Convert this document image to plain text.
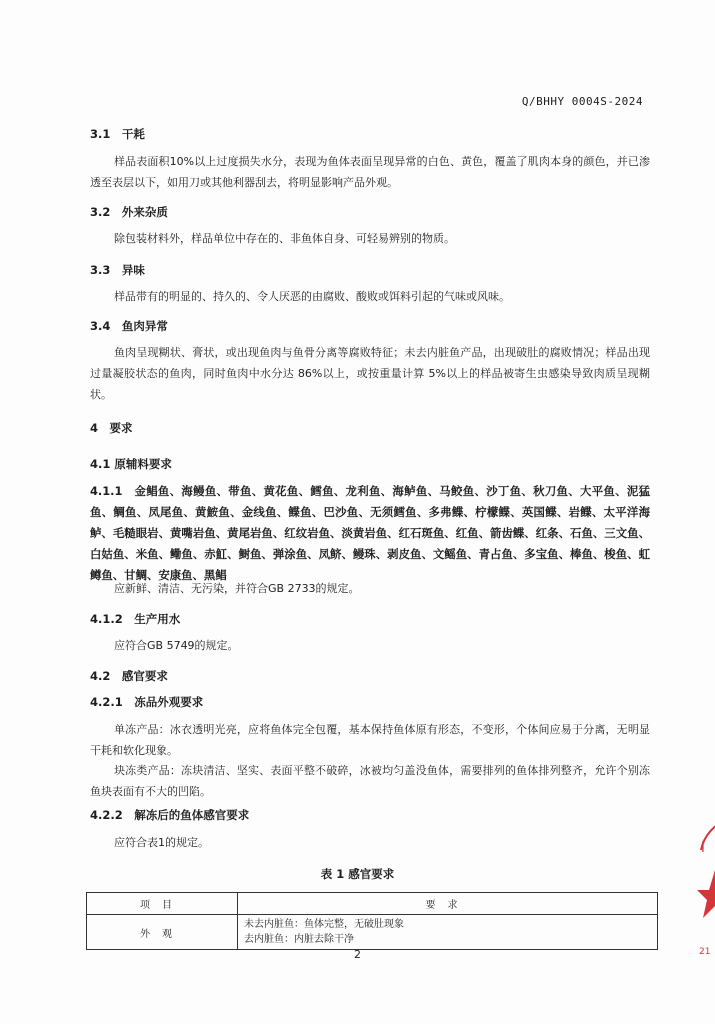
Q/BHHY 0004S-2024
3.1　干耗
样品表面积10%以上过度损失水分，表现为鱼体表面呈现异常的白色、黄色，覆盖了肌肉本身的颜色，并已渗透至表层以下，如用刀或其他利器刮去，将明显影响产品外观。
3.2　外来杂质
除包装材料外，样品单位中存在的、非鱼体自身、可轻易辨别的物质。
3.3　异味
样品带有的明显的、持久的、令人厌恶的由腐败、酸败或饵料引起的气味或风味。
3.4　鱼肉异常
鱼肉呈现糊状、膏状，或出现鱼肉与鱼骨分离等腐败特征；未去内脏鱼产品，出现破肚的腐败情况；样品出现过量凝胶状态的鱼肉，同时鱼肉中水分达 86%以上，或按重量计算 5%以上的样品被寄生虫感染导致肉质呈现糊状。
4　要求
4.1 原辅料要求
4.1.1　金鲳鱼、海鳗鱼、带鱼、黄花鱼、鳕鱼、龙利鱼、海鲈鱼、马鲛鱼、沙丁鱼、秋刀鱼、大平鱼、泥猛鱼、鲷鱼、凤尾鱼、黄鮟鱼、金线鱼、鲽鱼、巴沙鱼、无须鳕鱼、多弗鲽、柠檬鲽、英国鲽、岩鲽、太平洋海鲈、毛糙眼岩、黄嘴岩鱼、黄尾岩鱼、红纹岩鱼、淡黄岩鱼、红石斑鱼、红鱼、箭齿鲽、红条、石鱼、三文鱼、白姑鱼、米鱼、鳓鱼、赤魟、鲥鱼、弹涂鱼、凤鲚、鳗珠、剥皮鱼、文鳐鱼、青占鱼、多宝鱼、棒鱼、梭鱼、虹鳟鱼、甘鲷、安康鱼、黑鲳
应新鲜、清洁、无污染，并符合GB 2733的规定。
4.1.2　生产用水
应符合GB 5749的规定。
4.2　感官要求
4.2.1　冻品外观要求
单冻产品：冰衣透明光亮，应将鱼体完全包覆，基本保持鱼体原有形态，不变形，个体间应易于分离，无明显干耗和软化现象。
块冻类产品：冻块清洁、坚实、表面平整不破碎，冰被均匀盖没鱼体，需要排列的鱼体排列整齐，允许个别冻鱼块表面有不大的凹陷。
4.2.2　解冻后的鱼体感官要求
应符合表1的规定。
表 1 感官要求
项目	要求
外观	未去内脏鱼：鱼体完整，无破肚现象
去内脏鱼：内脏去除干净
2
l
21
